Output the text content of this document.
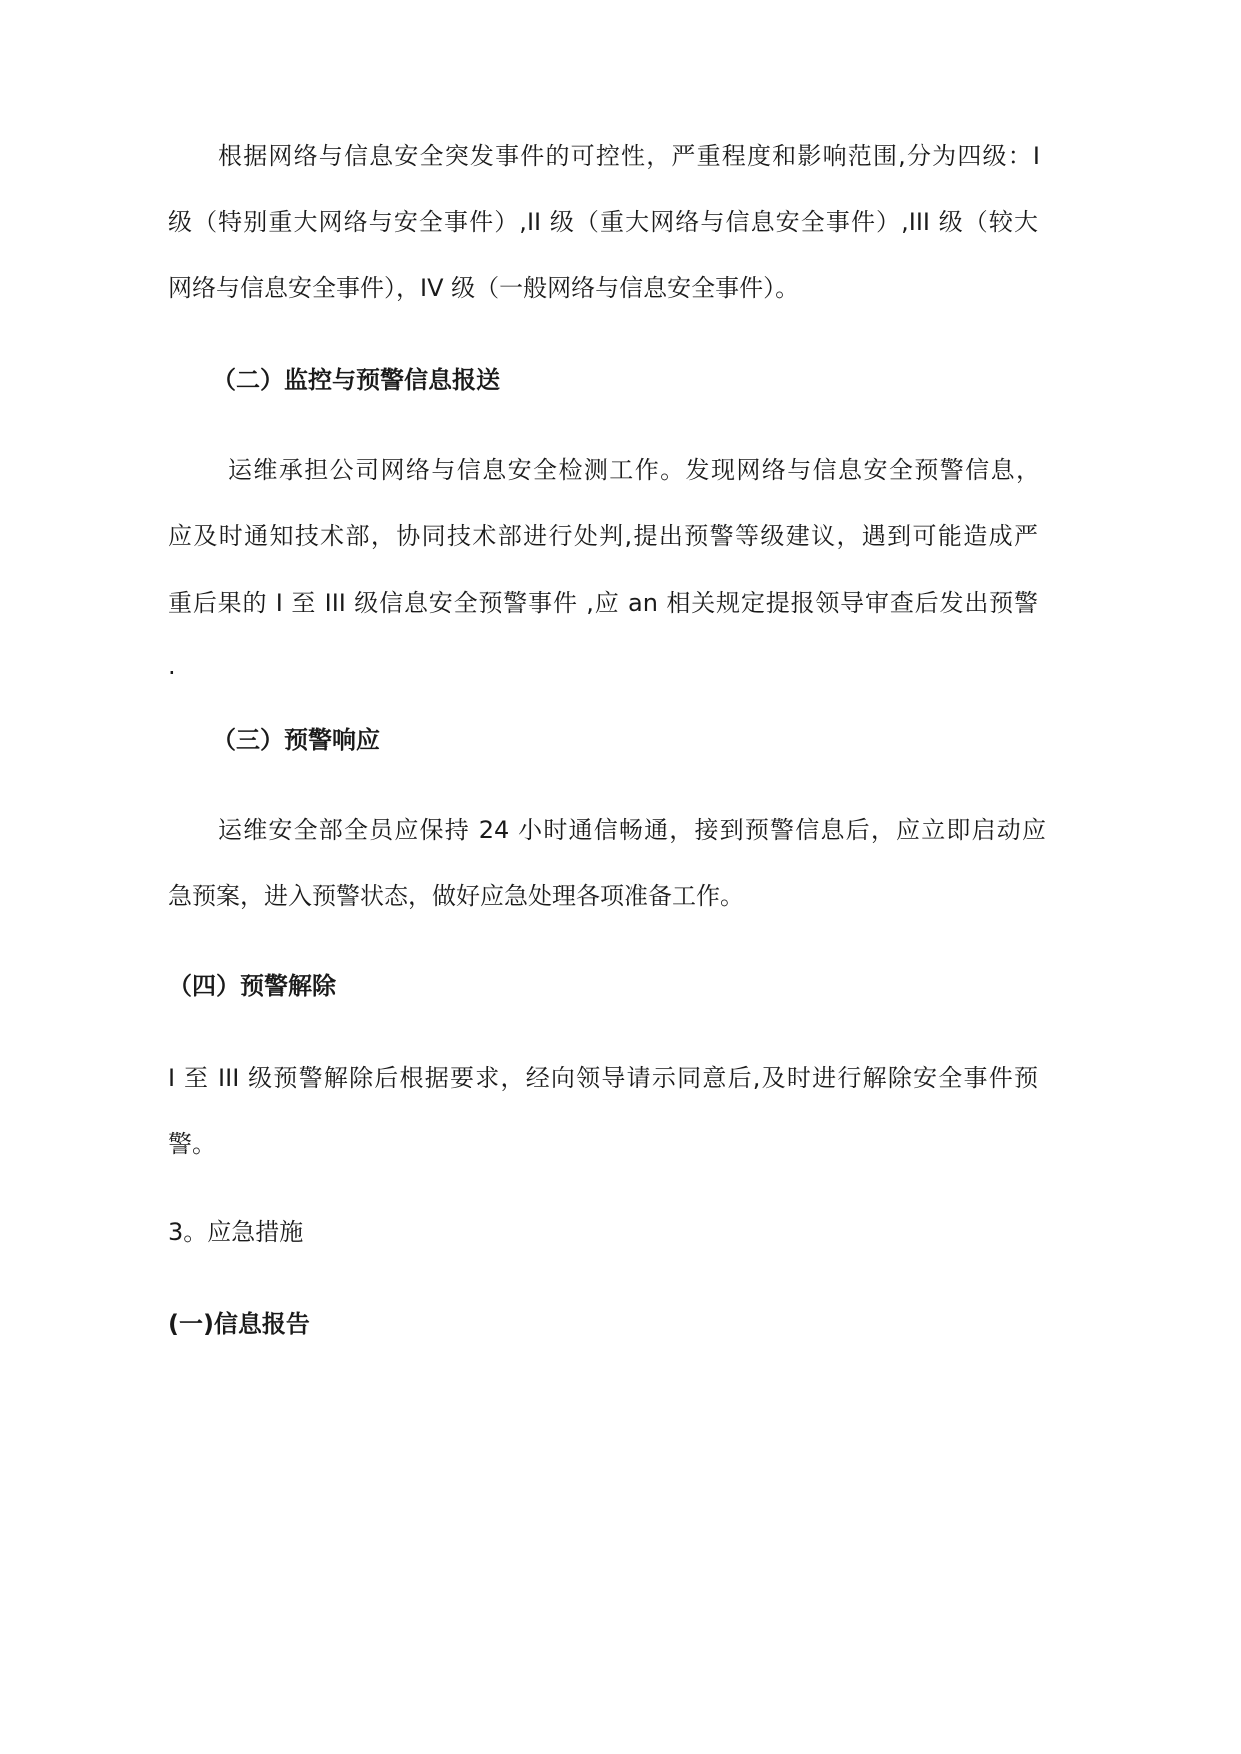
根据网络与信息安全突发事件的可控性，严重程度和影响范围,分为四级：I

级（特别重大网络与安全事件）,II 级（重大网络与信息安全事件）,III 级（较大

网络与信息安全事件），IV 级（一般网络与信息安全事件）。

（二）监控与预警信息报送

运维承担公司网络与信息安全检测工作。发现网络与信息安全预警信息，

应及时通知技术部，协同技术部进行处判,提出预警等级建议，遇到可能造成严

重后果的 I 至 III 级信息安全预警事件 ,应 an 相关规定提报领导审查后发出预警

.

（三）预警响应

运维安全部全员应保持 24 小时通信畅通，接到预警信息后，应立即启动应

急预案，进入预警状态，做好应急处理各项准备工作。

（四）预警解除

I 至 III 级预警解除后根据要求，经向领导请示同意后,及时进行解除安全事件预

警。

3。应急措施

(一)信息报告
